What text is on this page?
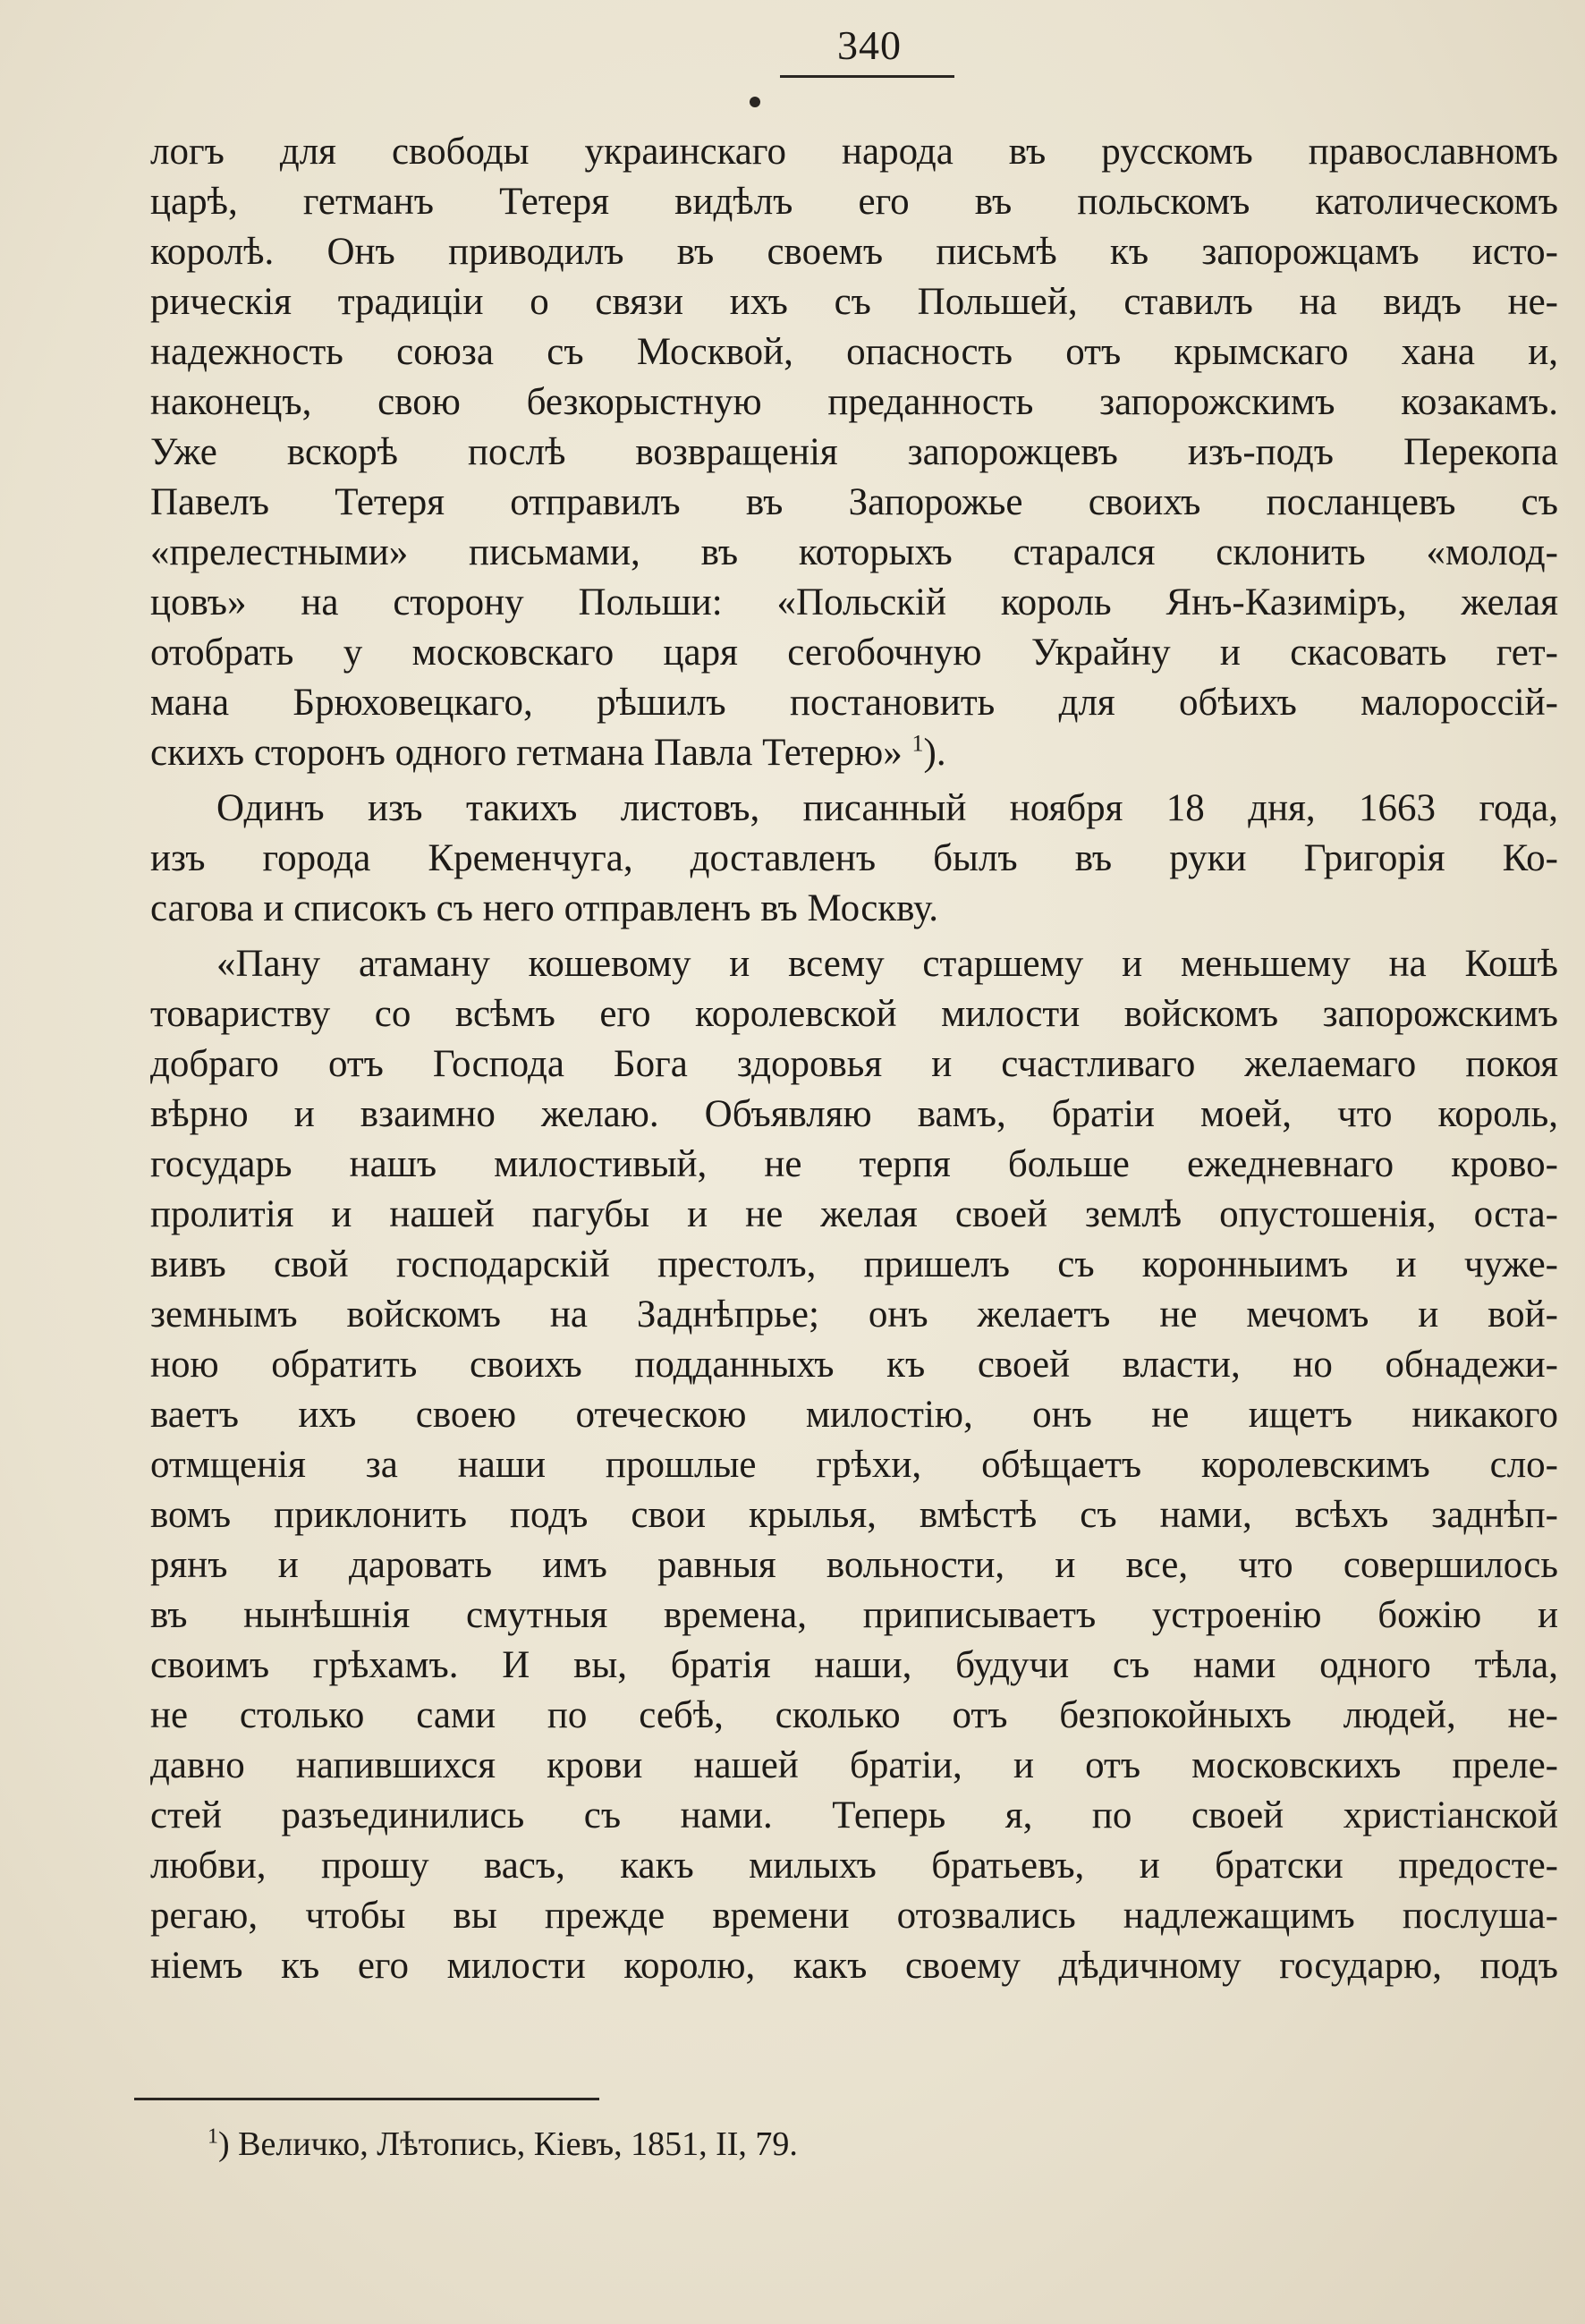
340
логъ для свободы украинскаго народа въ русскомъ православномъ
царѣ, гетманъ Тетеря видѣлъ его въ польскомъ католическомъ
королѣ. Онъ приводилъ въ своемъ письмѣ къ запорожцамъ исто-
рическія традиціи о связи ихъ съ Польшей, ставилъ на видъ не-
надежность союза съ Москвой, опасность отъ крымскаго хана и,
наконецъ, свою безкорыстную преданность запорожскимъ козакамъ.
Уже вскорѣ послѣ возвращенія запорожцевъ изъ-подъ Перекопа
Павелъ Тетеря отправилъ въ Запорожье своихъ посланцевъ съ
«прелестными» письмами, въ которыхъ старался склонить «молод-
цовъ» на сторону Польши: «Польскій король Янъ-Казиміръ, желая
отобрать у московскаго царя сегобочную Украйну и скасовать гет-
мана Брюховецкаго, рѣшилъ постановить для обѣихъ малороссій-
скихъ сторонъ одного гетмана Павла Тетерю» $^1$).
Одинъ изъ такихъ листовъ, писанный ноября 18 дня, 1663 года,
изъ города Кременчуга, доставленъ былъ въ руки Григорія Ко-
сагова и списокъ съ него отправленъ въ Москву.
«Пану атаману кошевому и всему старшему и меньшему на Кошѣ
товариству со всѣмъ его королевской милости войскомъ запорожскимъ
добраго отъ Господа Бога здоровья и счастливаго желаемаго покоя
вѣрно и взаимно желаю. Объявляю вамъ, братіи моей, что король,
государь нашъ милостивый, не терпя больше ежедневнаго крово-
пролитія и нашей пагубы и не желая своей землѣ опустошенія, оста-
вивъ свой господарскій престолъ, пришелъ съ коронныимъ и чуже-
земнымъ войскомъ на Заднѣпрье; онъ желаетъ не мечомъ и вой-
ною обратить своихъ подданныхъ къ своей власти, но обнадежи-
ваетъ ихъ своею отеческою милостію, онъ не ищетъ никакого
отмщенія за наши прошлые грѣхи, обѣщаетъ королевскимъ сло-
вомъ приклонить подъ свои крылья, вмѣстѣ съ нами, всѣхъ заднѣп-
рянъ и даровать имъ равныя вольности, и все, что совершилось
въ нынѣшнія смутныя времена, приписываетъ устроенію божію и
своимъ грѣхамъ. И вы, братія наши, будучи съ нами одного тѣла,
не столько сами по себѣ, сколько отъ безпокойныхъ людей, не-
давно напившихся крови нашей братіи, и отъ московскихъ преле-
стей разъединились съ нами. Теперь я, по своей христіанской
любви, прошу васъ, какъ милыхъ братьевъ, и братски предосте-
регаю, чтобы вы прежде времени отозвались надлежащимъ послуша-
ніемъ къ его милости королю, какъ своему дѣдичному государю, подъ
$^1$) Величко, Лѣтопись, Кіевъ, 1851, II, 79.
